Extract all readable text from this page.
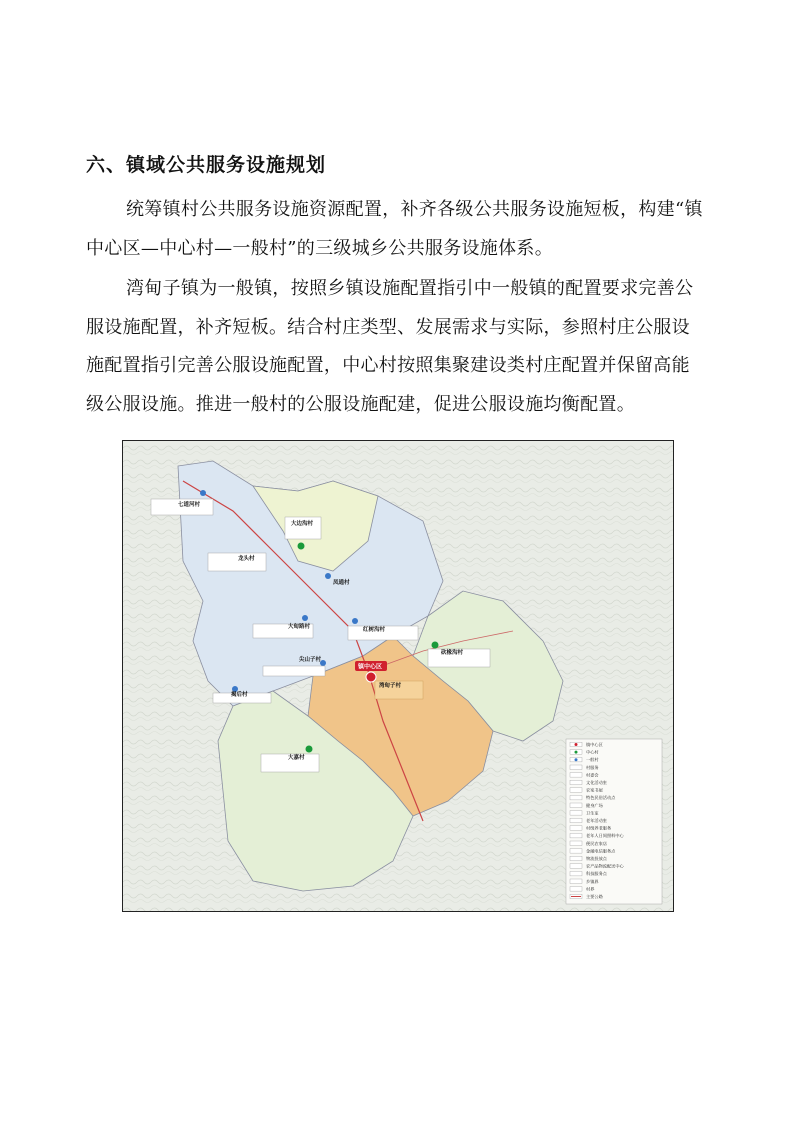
六、镇域公共服务设施规划

统筹镇村公共服务设施资源配置，补齐各级公共服务设施短板，构建“镇
中心区—中心村—一般村”的三级城乡公共服务设施体系。

湾甸子镇为一般镇，按照乡镇设施配置指引中一般镇的配置要求完善公
服设施配置，补齐短板。结合村庄类型、发展需求与实际，参照村庄公服设
施配置指引完善公服设施配置，中心村按照集聚建设类村庄配置并保留高能
级公服设施。推进一般村的公服设施配建，促进公服设施均衡配置。

七道河村
大边沟村
龙头村
凤通村
大甸路村	红树沟村
砍椽沟村
尖山子村
镇中心区
湾甸子村
揭后村
大嘉村
镇中心区
中心村
一般村
村服务
村委会
文化活动室
农家书屋
特色民俗活动点
健身广场
卫生室
老年活动室
村级养老服务
老年人日间照料中心
便民农家店
金融电信服务点
物流投放点
农产品物流配送中心
科技服务点
乡镇界
村界
主要公路
